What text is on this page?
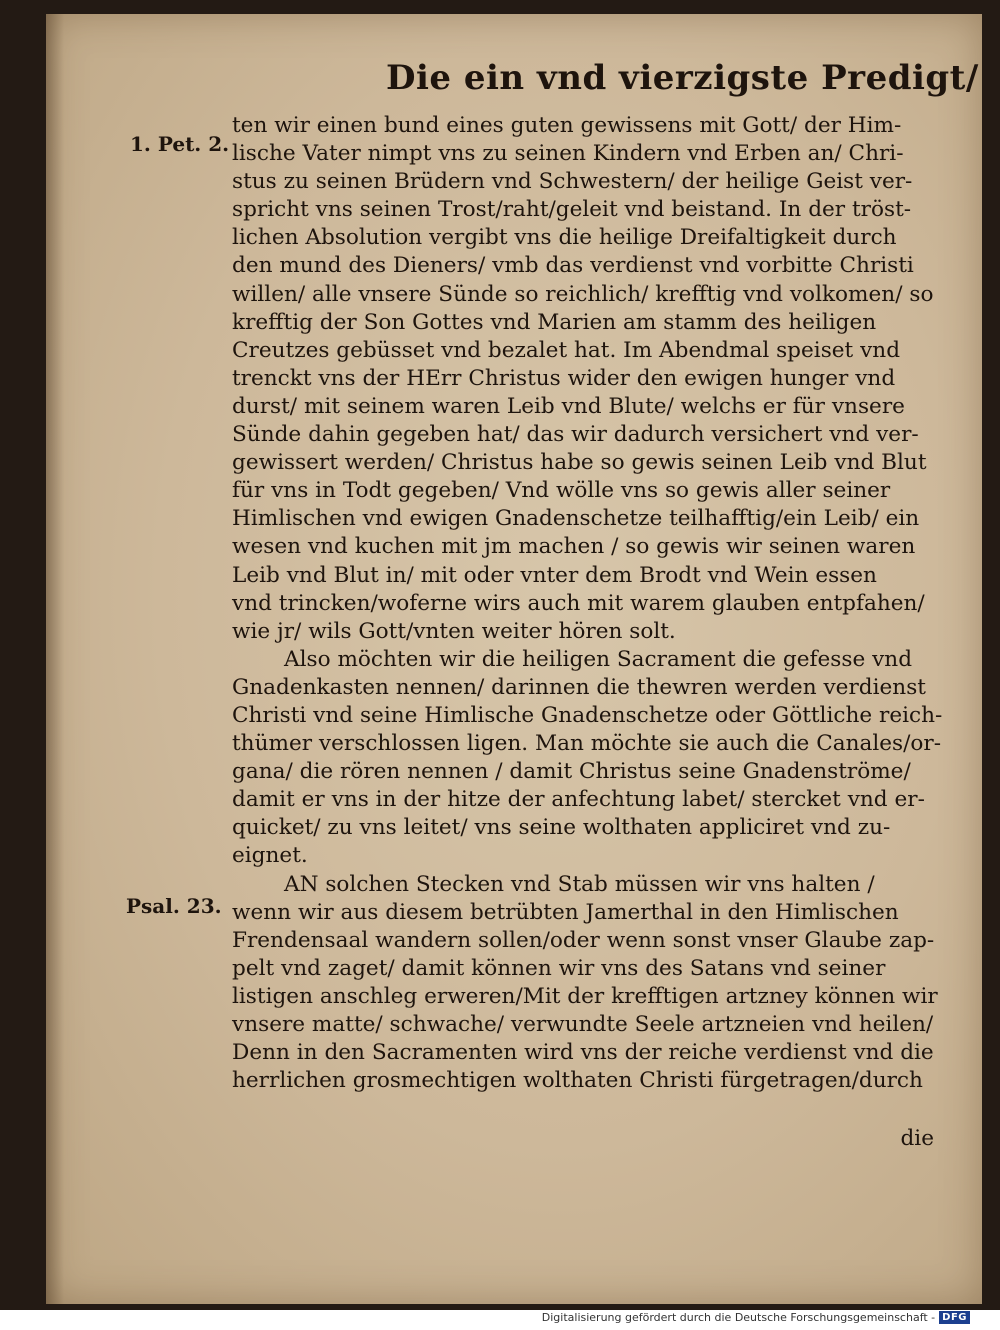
Die ein vnd vierzigste Predigt/
1. Pet. 2.
Psal. 23.
ten wir einen bund eines guten gewissens mit Gott/ der Him-
lische Vater nimpt vns zu seinen Kindern vnd Erben an/ Chri-
stus zu seinen Brüdern vnd Schwestern/ der heilige Geist ver-
spricht vns seinen Trost/raht/geleit vnd beistand. In der tröst-
lichen Absolution vergibt vns die heilige Dreifaltigkeit durch
den mund des Dieners/ vmb das verdienst vnd vorbitte Christi
willen/ alle vnsere Sünde so reichlich/ krefftig vnd volkomen/ so
krefftig der Son Gottes vnd Marien am stamm des heiligen
Creutzes gebüsset vnd bezalet hat. Im Abendmal speiset vnd
trenckt vns der HErr Christus wider den ewigen hunger vnd
durst/ mit seinem waren Leib vnd Blute/ welchs er für vnsere
Sünde dahin gegeben hat/ das wir dadurch versichert vnd ver-
gewissert werden/ Christus habe so gewis seinen Leib vnd Blut
für vns in Todt gegeben/ Vnd wölle vns so gewis aller seiner
Himlischen vnd ewigen Gnadenschetze teilhafftig/ein Leib/ ein
wesen vnd kuchen mit jm machen / so gewis wir seinen waren
Leib vnd Blut in/ mit oder vnter dem Brodt vnd Wein essen
vnd trincken/woferne wirs auch mit warem glauben entpfahen/
wie jr/ wils Gott/vnten weiter hören solt.
Also möchten wir die heiligen Sacrament die gefesse vnd
Gnadenkasten nennen/ darinnen die thewren werden verdienst
Christi vnd seine Himlische Gnadenschetze oder Göttliche reich-
thümer verschlossen ligen. Man möchte sie auch die Canales/or-
gana/ die rören nennen / damit Christus seine Gnadenströme/
damit er vns in der hitze der anfechtung labet/ stercket vnd er-
quicket/ zu vns leitet/ vns seine wolthaten appliciret vnd zu-
eignet.
AN solchen Stecken vnd Stab müssen wir vns halten /
wenn wir aus diesem betrübten Jamerthal in den Himlischen
Frendensaal wandern sollen/oder wenn sonst vnser Glaube zap-
pelt vnd zaget/ damit können wir vns des Satans vnd seiner
listigen anschleg erweren/Mit der krefftigen artzney können wir
vnsere matte/ schwache/ verwundte Seele artzneien vnd heilen/
Denn in den Sacramenten wird vns der reiche verdienst vnd die
herrlichen grosmechtigen wolthaten Christi fürgetragen/durch
die
Digitalisierung gefördert durch die Deutsche Forschungsgemeinschaft - DFG
